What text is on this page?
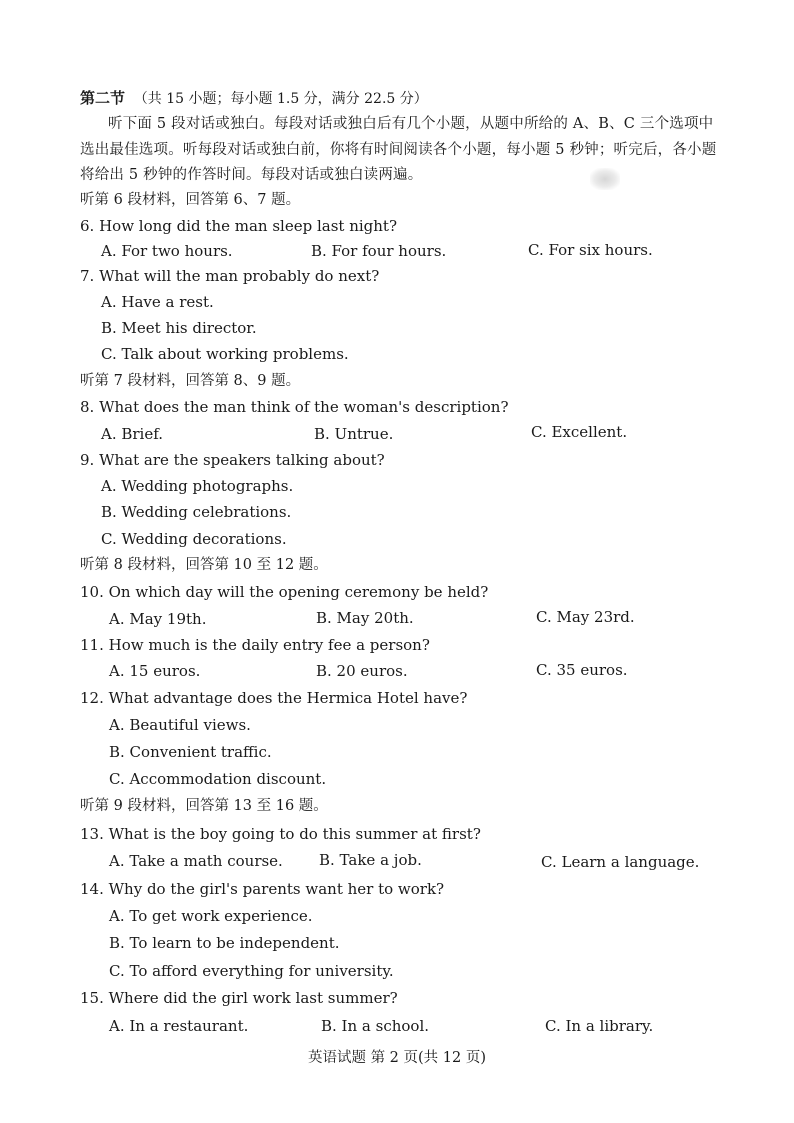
第二节 （共 15 小题；每小题 1.5 分，满分 22.5 分）
听下面 5 段对话或独白。每段对话或独白后有几个小题，从题中所给的 A、B、C 三个选项中
选出最佳选项。听每段对话或独白前，你将有时间阅读各个小题，每小题 5 秒钟；听完后，各小题
将给出 5 秒钟的作答时间。每段对话或独白读两遍。
听第 6 段材料，回答第 6、7 题。
6. How long did the man sleep last night?
A. For two hours.	B. For four hours.	C. For six hours.
7. What will the man probably do next?
A. Have a rest.
B. Meet his director.
C. Talk about working problems.
听第 7 段材料，回答第 8、9 题。
8. What does the man think of the woman's description?
A. Brief.	B. Untrue.	C. Excellent.
9. What are the speakers talking about?
A. Wedding photographs.
B. Wedding celebrations.
C. Wedding decorations.
听第 8 段材料，回答第 10 至 12 题。
10. On which day will the opening ceremony be held?
A. May 19th.	B. May 20th.	C. May 23rd.
11. How much is the daily entry fee a person?
A. 15 euros.	B. 20 euros.	C. 35 euros.
12. What advantage does the Hermica Hotel have?
A. Beautiful views.
B. Convenient traffic.
C. Accommodation discount.
听第 9 段材料，回答第 13 至 16 题。
13. What is the boy going to do this summer at first?
A. Take a math course. B. Take a job.	C. Learn a language.
14. Why do the girl's parents want her to work?
A. To get work experience.
B. To learn to be independent.
C. To afford everything for university.
15. Where did the girl work last summer?
A. In a restaurant.	B. In a school.	C. In a library.
英语试题 第 2 页(共 12 页)
